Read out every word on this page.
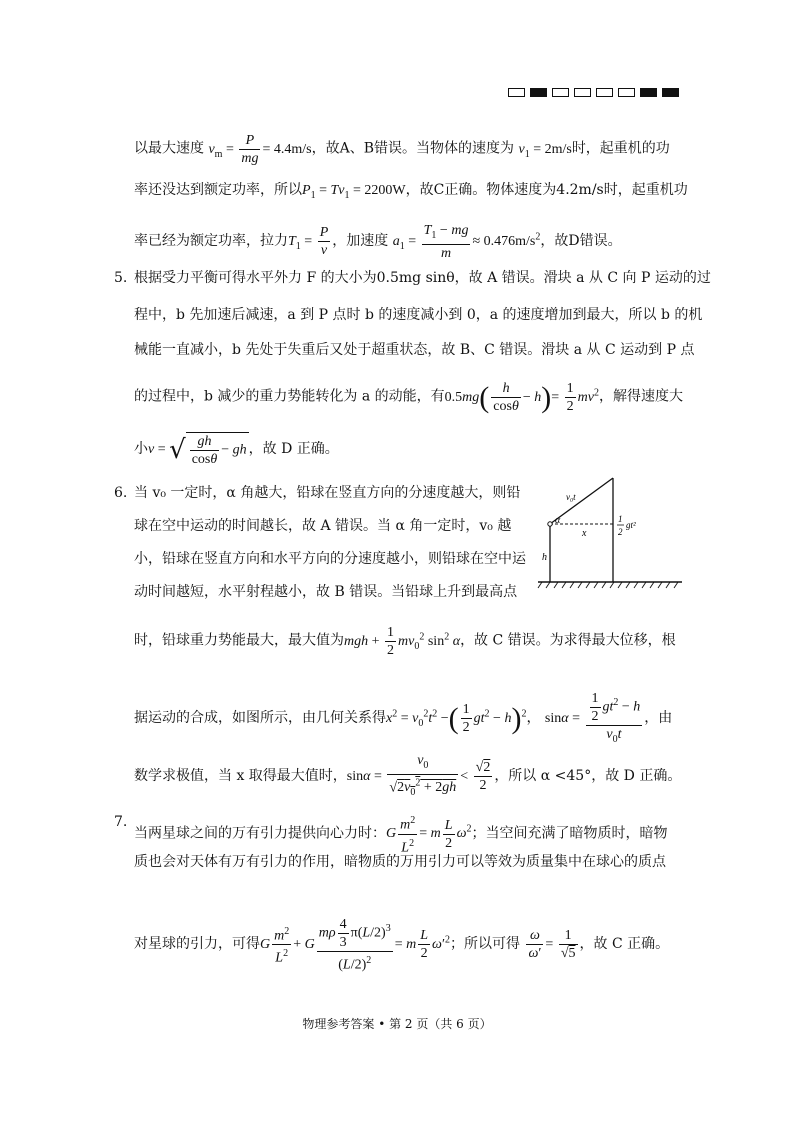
以最大速度 $v_m = \frac{P}{mg} = 4.4m/s$，故A、B错误。当物体的速度为 $v_1 = 2m/s$时，起重机的功
率还没达到额定功率，所以$P_1 = Tv_1 = 2200W$，故C正确。物体速度为4.2m/s时，起重机功
率已经为额定功率，拉力$T_1 = \frac{P}{v}$ ，加速度 $a_1 = \frac{T_1 - mg}{m} \approx 0.476m/s^2$，故D错误。
5. 根据受力平衡可得水平外力 F 的大小为0.5mg sinθ，故 A 错误。滑块 a 从 C 向 P 运动的过
程中，b 先加速后减速，a 到 P 点时 b 的速度减小到 0，a 的速度增加到最大，所以 b 的机
械能一直减小，b 先处于失重后又处于超重状态，故 B、C 错误。滑块 a 从 C 运动到 P 点
的过程中，b 减少的重力势能转化为 a 的动能，有$0.5mg( \frac{h}{\cos\theta} - h)= \frac{1}{2} mv^2$，解得速度大
小v = √ $\frac{gh}{\cos\theta}$ − gh ，故 D 正确。
6. 当 v₀ 一定时，α 角越大，铅球在竖直方向的分速度越大，则铅
球在空中运动的时间越长，故 A 错误。当 α 角一定时，v₀ 越
小，铅球在竖直方向和水平方向的分速度越小，则铅球在空中运
动时间越短，水平射程越小，故 B 错误。当铅球上升到最高点
v₀t
α
x
h
1
2
gt²
时，铅球重力势能最大，最大值为mgh + $\frac{1}{2} mv_0^2$ $\sin^2 \alpha$，故 C 错误。为求得最大位移，根
据运动的合成，如图所示，由几何关系得$x^2 = v_0^2t^2$ −( $\frac{1}{2} gt^2 - h)^2$， $\sin\alpha = \frac{\frac{1}{2} gt^2 - h}{v_0t}$ ，由
数学求极值，当 x 取得最大值时，$\sin\alpha = \frac{v_0}{√2v_0^2 + 2gh} < \frac{√2}{2}$ ，所以 α <45°，故 D 正确。
7.
当两星球之间的万有引力提供向心力时：G $\frac{m^2}{L^2} = m \frac{L}{2} \omega^2$；当空间充满了暗物质时，暗物
质也会对天体有万有引力的作用，暗物质的万用引力可以等效为质量集中在球心的质点
对星球的引力，可得G $\frac{m^2}{L^2} + G \frac{m\rho \frac{4}{3} \pi(L/2)^3}{(L/2)^2} = m \frac{L}{2} \omega'^2$；所以可得 $\frac{\omega}{\omega'} = \frac{1}{√5}$ ，故 C 正确。
物理参考答案 • 第 2 页（共 6 页）
